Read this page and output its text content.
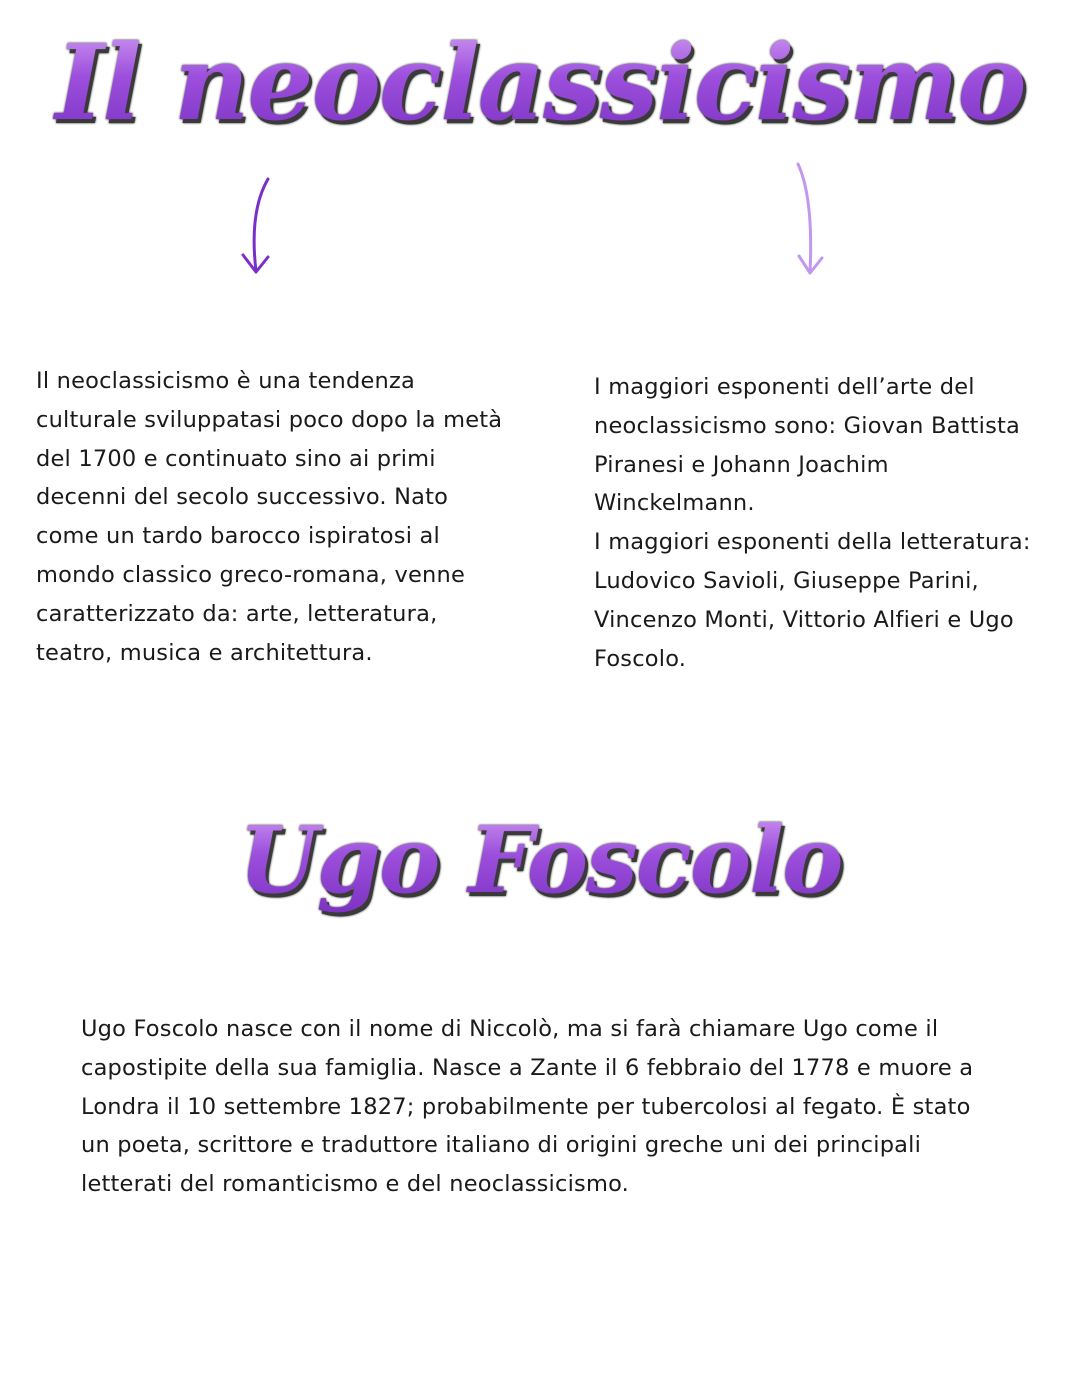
Il neoclassicismo

Il neoclassicismo è una tendenza culturale sviluppatasi poco dopo la metà del 1700 e continuato sino ai primi decenni del secolo successivo. Nato come un tardo barocco ispiratosi al mondo classico greco-romana, venne caratterizzato da: arte, letteratura, teatro, musica e architettura.

I maggiori esponenti dell’arte del neoclassicismo sono: Giovan Battista Piranesi e Johann Joachim Winckelmann.

I maggiori esponenti della letteratura: Ludovico Savioli, Giuseppe Parini, Vincenzo Monti, Vittorio Alfieri e Ugo Foscolo.

Ugo Foscolo

Ugo Foscolo nasce con il nome di Niccolò, ma si farà chiamare Ugo come il capostipite della sua famiglia. Nasce a Zante il 6 febbraio del 1778 e muore a Londra il 10 settembre 1827; probabilmente per tubercolosi al fegato. È stato un poeta, scrittore e traduttore italiano di origini greche uni dei principali letterati del romanticismo e del neoclassicismo.
